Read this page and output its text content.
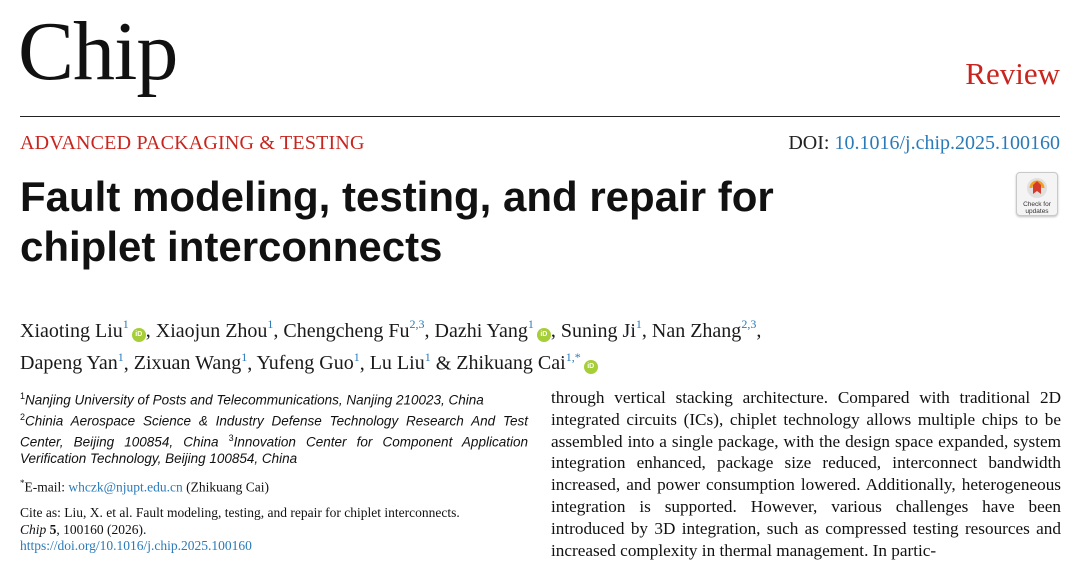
Chip	Review
ADVANCED PACKAGING & TESTING	DOI: 10.1016/j.chip.2025.100160
Fault modeling, testing, and repair for
chiplet interconnects
Check for updates
Xiaoting Liu$^1$iD , Xiaojun Zhou$^1$, Chengcheng Fu$^{2,3}$, Dazhi Yang$^1$iD , Suning Ji$^1$, Nan Zhang$^{2,3}$,
Dapeng Yan$^1$, Zixuan Wang$^1$, Yufeng Guo$^1$, Lu Liu$^1$ & Zhikuang Cai$^{1,*}$iD
$^1$Nanjing University of Posts and Telecommunications, Nanjing 210023, China
$^2$Chinia Aerospace Science & Industry Defense Technology Research And Test Center, Beijing 100854, China $^3$Innovation Center for Component Application Verification Technology, Beijing 100854, China
*E-mail: whczk@njupt.edu.cn (Zhikuang Cai)
Cite as: Liu, X. et al. Fault modeling, testing, and repair for chiplet interconnects.
Chip 5, 100160 (2026).
https://doi.org/10.1016/j.chip.2025.100160

through vertical stacking architecture. Compared with traditional 2D integrated circuits (ICs), chiplet technology allows multiple chips to be assembled into a single package, with the design space expanded, system integration enhanced, package size reduced, interconnect bandwidth increased, and power consumption lowered. Additionally, heterogeneous integration is supported. However, various challenges have been introduced by 3D integration, such as compressed testing resources and increased complexity in thermal management. In partic-
